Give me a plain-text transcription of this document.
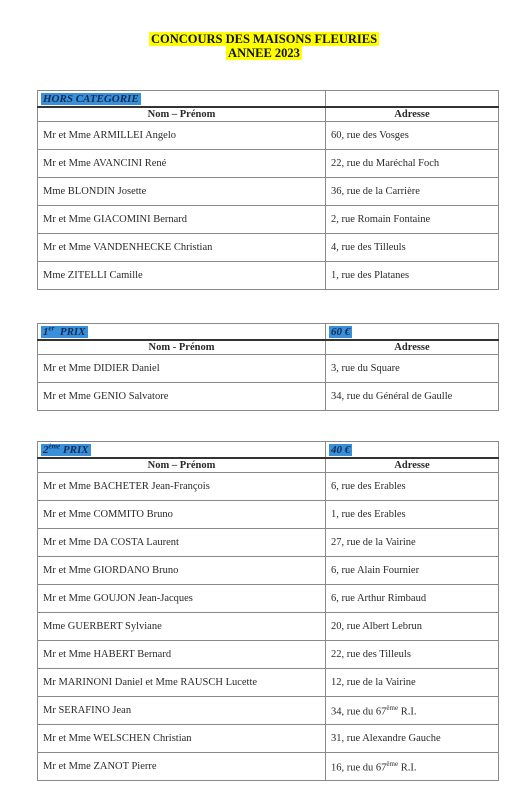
CONCOURS DES MAISONS FLEURIES
ANNEE 2023
HORS CATEGORIE	
Nom – Prénom	Adresse
Mr et Mme ARMILLEI Angelo	60, rue des Vosges
Mr et Mme AVANCINI René	22, rue du Maréchal Foch
Mme BLONDIN Josette	36, rue de la Carrière
Mr et Mme GIACOMINI Bernard	2, rue Romain Fontaine
Mr et Mme VANDENHECKE Christian	4, rue des Tilleuls
Mme ZITELLI Camille	1, rue des Platanes
1er  PRIX	60 €
Nom - Prénom	Adresse
Mr et Mme DIDIER Daniel	3, rue du Square
Mr et Mme GENIO Salvatore	34, rue du Général de Gaulle
2ème PRIX	40 €
Nom – Prénom	Adresse
Mr et Mme BACHETER Jean-François	6, rue des Erables
Mr et Mme COMMITO Bruno	1, rue des Erables
Mr et Mme DA COSTA Laurent	27, rue de la Vairine
Mr et Mme GIORDANO Bruno	6, rue Alain Fournier
Mr et Mme GOUJON Jean-Jacques	6, rue Arthur Rimbaud
Mme GUERBERT Sylviane	20, rue Albert Lebrun
Mr et Mme HABERT Bernard	22, rue des Tilleuls
Mr MARINONI Daniel et Mme RAUSCH Lucette	12, rue de la Vairine
Mr SERAFINO Jean	34, rue du 67ème R.I.
Mr et Mme WELSCHEN Christian	31, rue Alexandre Gauche
Mr et Mme ZANOT Pierre	16, rue du 67ème R.I.
